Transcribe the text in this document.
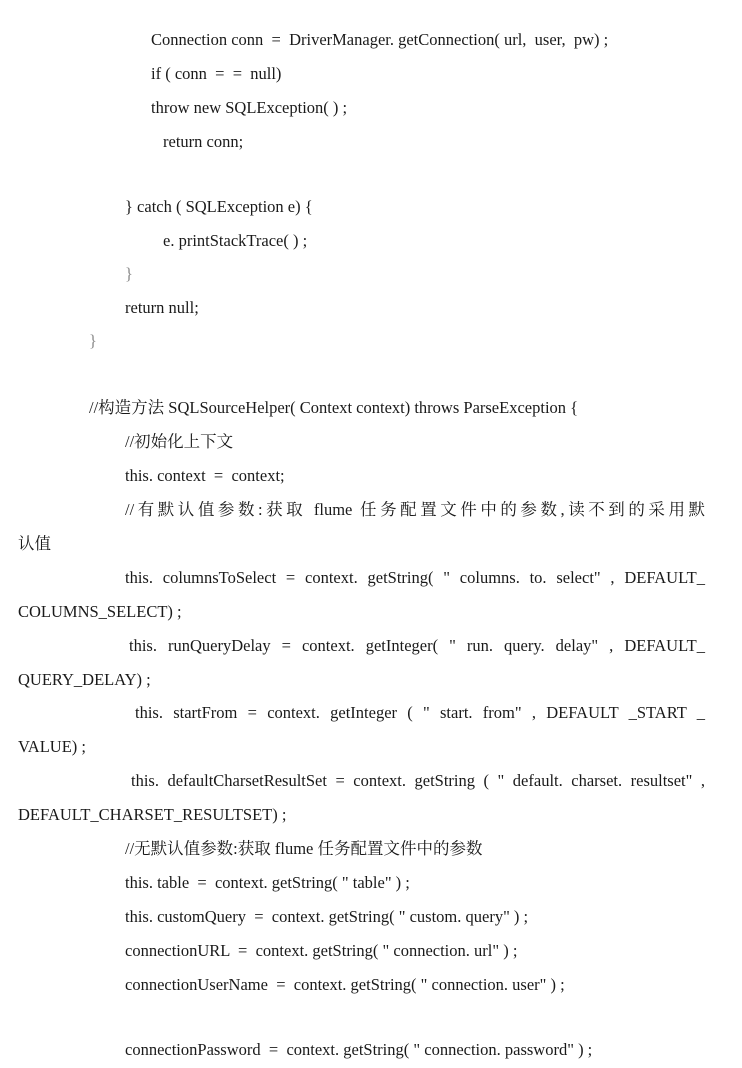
Connection conn  =  DriverManager. getConnection( url,  user,  pw) ;
if ( conn  =  =  null)
throw new SQLException( ) ;
return conn;
} catch ( SQLException e) {
e. printStackTrace( ) ;
}
return null;
}
//构造方法 SQLSourceHelper( Context context) throws ParseException {
//初始化上下文
this. context  =  context;
//有默认值参数:获取 flume 任务配置文件中的参数,读不到的采用默
认值
this. columnsToSelect = context. getString( " columns. to. select" , DEFAULT_
COLUMNS_SELECT) ;
this. runQueryDelay = context. getInteger( " run. query. delay" , DEFAULT_
QUERY_DELAY) ;
this. startFrom = context. getInteger ( " start. from" , DEFAULT _START _
VALUE) ;
this. defaultCharsetResultSet = context. getString ( " default. charset. resultset" ,
DEFAULT_CHARSET_RESULTSET) ;
//无默认值参数:获取 flume 任务配置文件中的参数
this. table  =  context. getString( " table" ) ;
this. customQuery  =  context. getString( " custom. query" ) ;
connectionURL  =  context. getString( " connection. url" ) ;
connectionUserName  =  context. getString( " connection. user" ) ;
connectionPassword  =  context. getString( " connection. password" ) ;
